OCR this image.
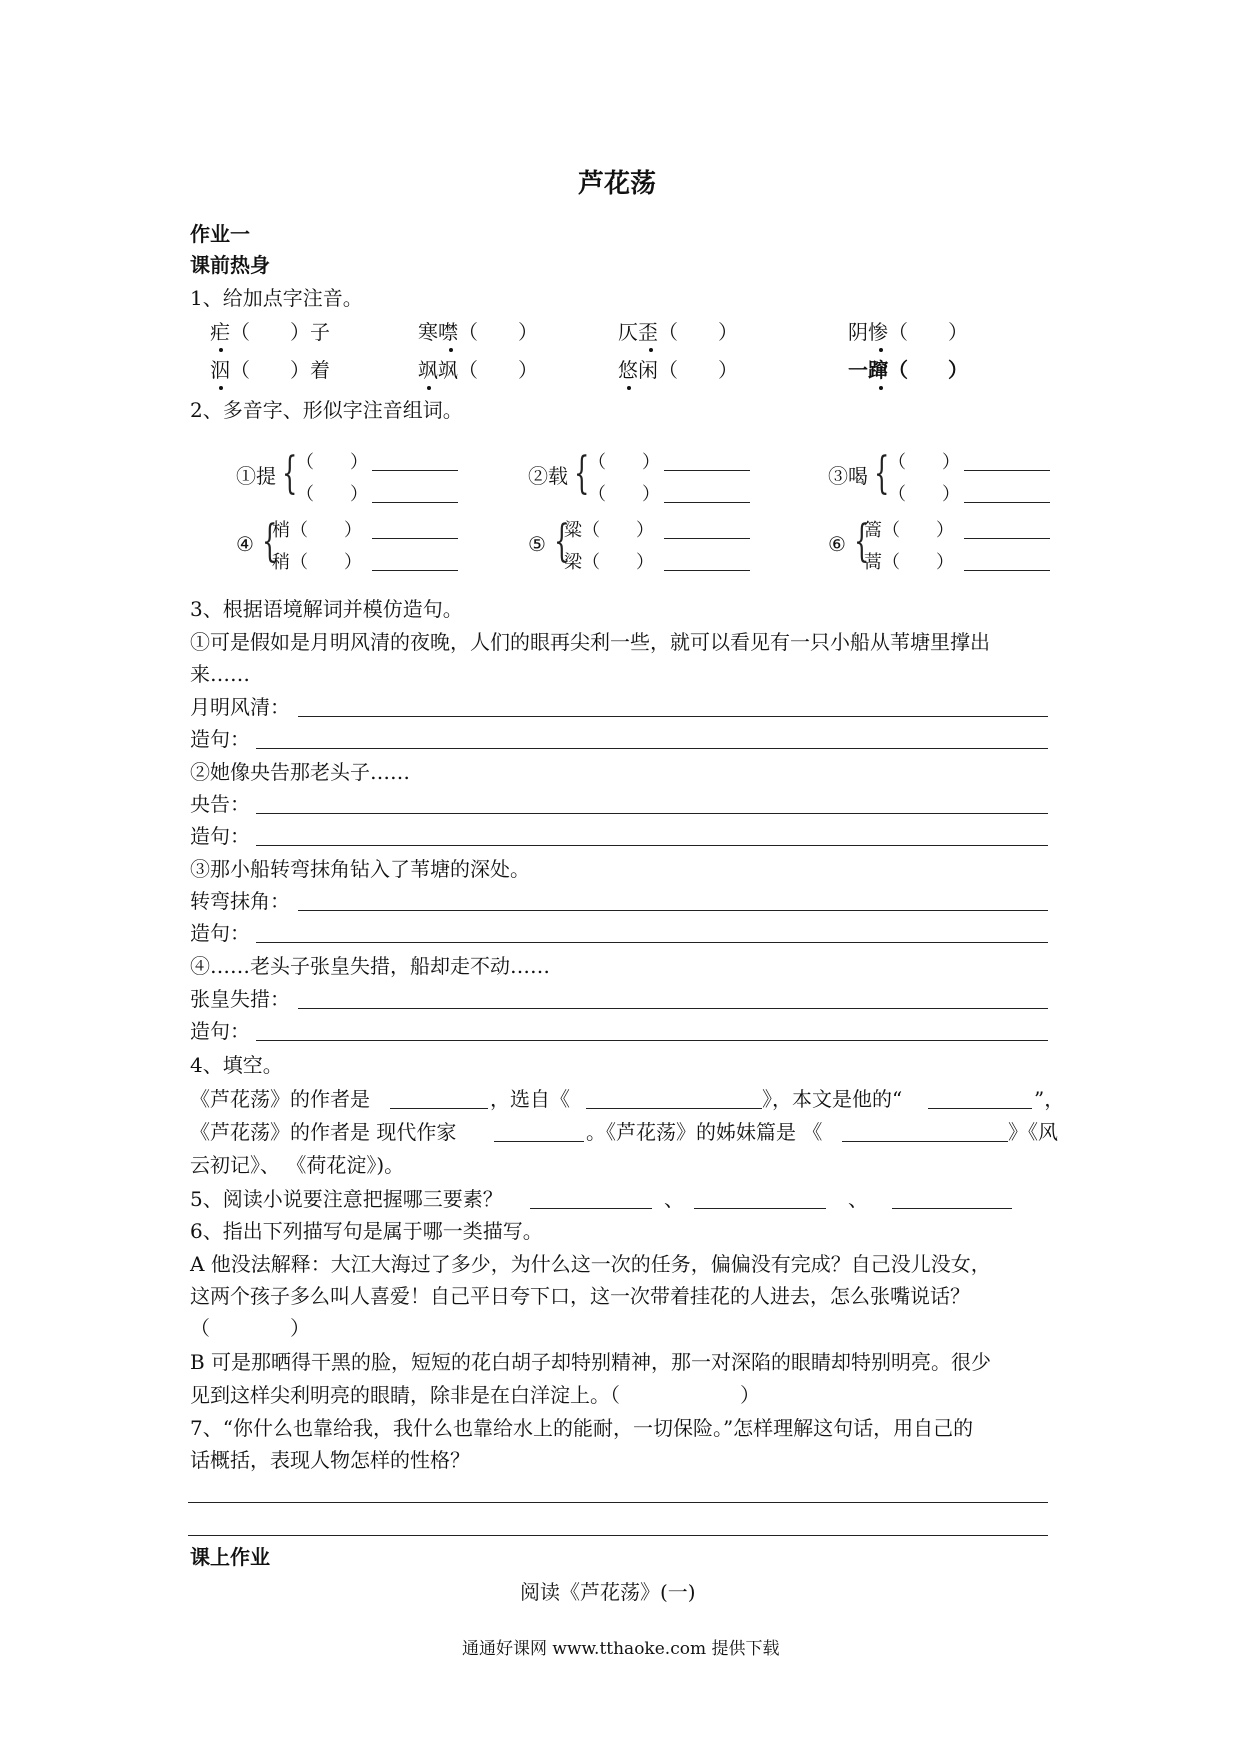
芦花荡
作业一
课前热身
1、给加点字注音。
疟（　　）子	寒噤（　　）	仄歪（　　）	阴惨（　　）
泅（　　）着	飒飒（　　）	悠闲（　　）	一蹿（　　）
2、多音字、形似字注音组词。
①提 {
（　　）
（　　）
②载 {
（　　）
（　　）
③喝 {
（　　）
（　　）
④ {
梢（　　）
稍（　　）
⑤ {
粱（　　）
梁（　　）
⑥ {
篙（　　）
蒿（　　）
3、根据语境解词并模仿造句。
①可是假如是月明风清的夜晚，人们的眼再尖利一些，就可以看见有一只小船从苇塘里撑出
来……
月明风清：
造句：
②她像央告那老头子……
央告：
造句：
③那小船转弯抹角钻入了苇塘的深处。
转弯抹角：
造句：
④……老头子张皇失措，船却走不动……
张皇失措：
造句：
4、填空。
《芦花荡》的作者是	，选自《	》，本文是他的“	”，
《芦花荡》的作者是 现代作家	。《芦花荡》的姊妹篇是 《	》《风
云初记》、 《荷花淀》)。
5、阅读小说要注意把握哪三要素？	、	、
6、指出下列描写句是属于哪一类描写。
A 他没法解释：大江大海过了多少，为什么这一次的任务，偏偏没有完成？自己没儿没女，
这两个孩子多么叫人喜爱！自己平日夸下口，这一次带着挂花的人进去，怎么张嘴说话？
（　　　　）
B 可是那晒得干黑的脸，短短的花白胡子却特别精神，那一对深陷的眼睛却特别明亮。很少
见到这样尖利明亮的眼睛，除非是在白洋淀上。（　　　　　　）
7、“你什么也靠给我，我什么也靠给水上的能耐，一切保险。”怎样理解这句话，用自己的
话概括，表现人物怎样的性格？
课上作业
阅读《芦花荡》(一)
通通好课网 www.tthaoke.com 提供下载
